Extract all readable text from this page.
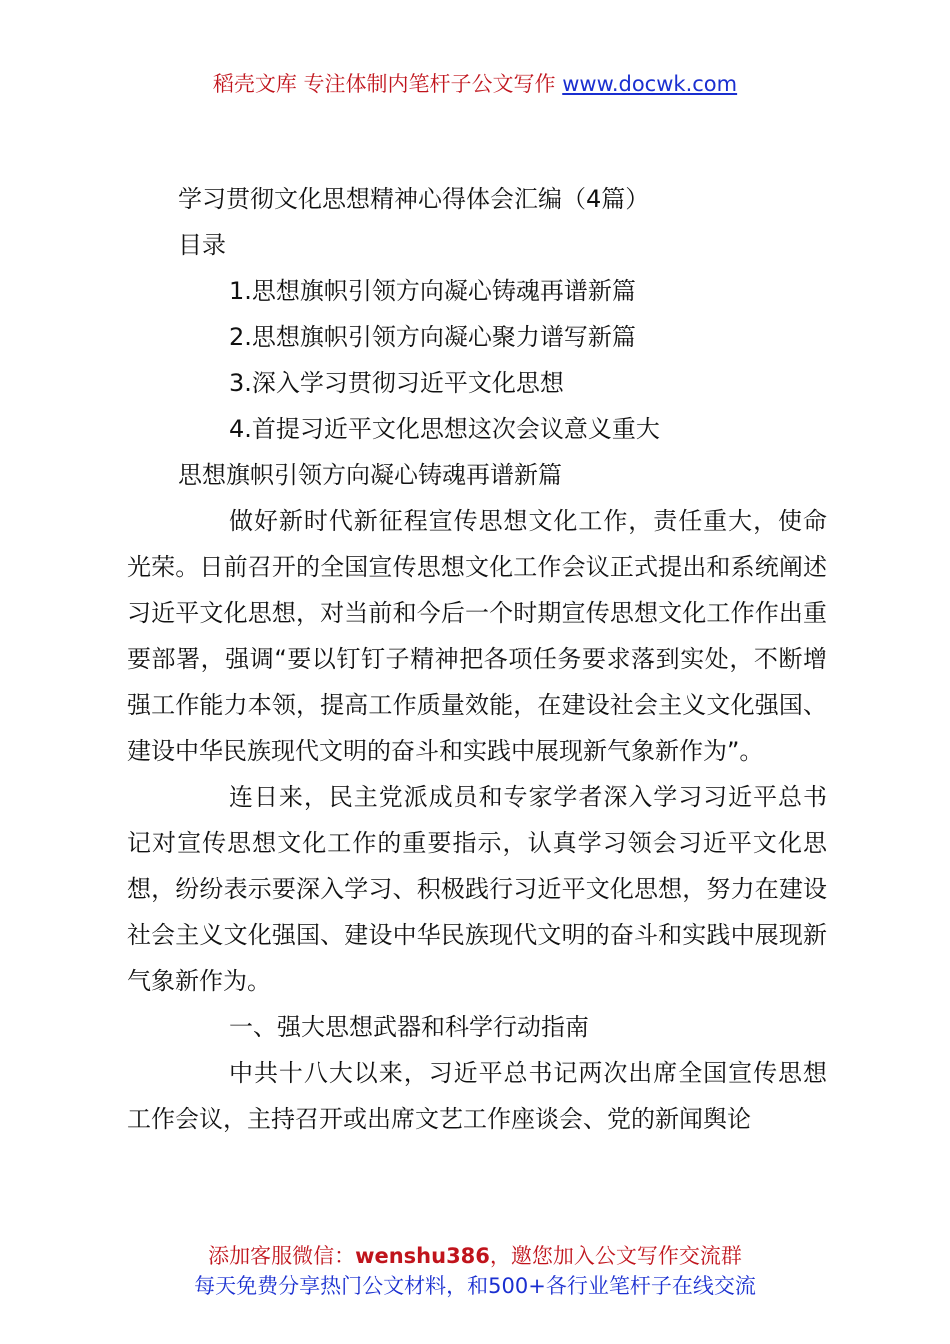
稻壳文库 专注体制内笔杆子公文写作 www.docwk.com

学习贯彻文化思想精神心得体会汇编（4篇）

目录

1.思想旗帜引领方向凝心铸魂再谱新篇

2.思想旗帜引领方向凝心聚力谱写新篇

3.深入学习贯彻习近平文化思想

4.首提习近平文化思想这次会议意义重大

思想旗帜引领方向凝心铸魂再谱新篇

做好新时代新征程宣传思想文化工作，责任重大，使命光荣。日前召开的全国宣传思想文化工作会议正式提出和系统阐述习近平文化思想，对当前和今后一个时期宣传思想文化工作作出重要部署，强调“要以钉钉子精神把各项任务要求落到实处，不断增强工作能力本领，提高工作质量效能，在建设社会主义文化强国、建设中华民族现代文明的奋斗和实践中展现新气象新作为”。

连日来，民主党派成员和专家学者深入学习习近平总书记对宣传思想文化工作的重要指示，认真学习领会习近平文化思想，纷纷表示要深入学习、积极践行习近平文化思想，努力在建设社会主义文化强国、建设中华民族现代文明的奋斗和实践中展现新气象新作为。

一、强大思想武器和科学行动指南

中共十八大以来，习近平总书记两次出席全国宣传思想工作会议，主持召开或出席文艺工作座谈会、党的新闻舆论

添加客服微信：wenshu386，邀您加入公文写作交流群
每天免费分享热门公文材料，和500+各行业笔杆子在线交流
